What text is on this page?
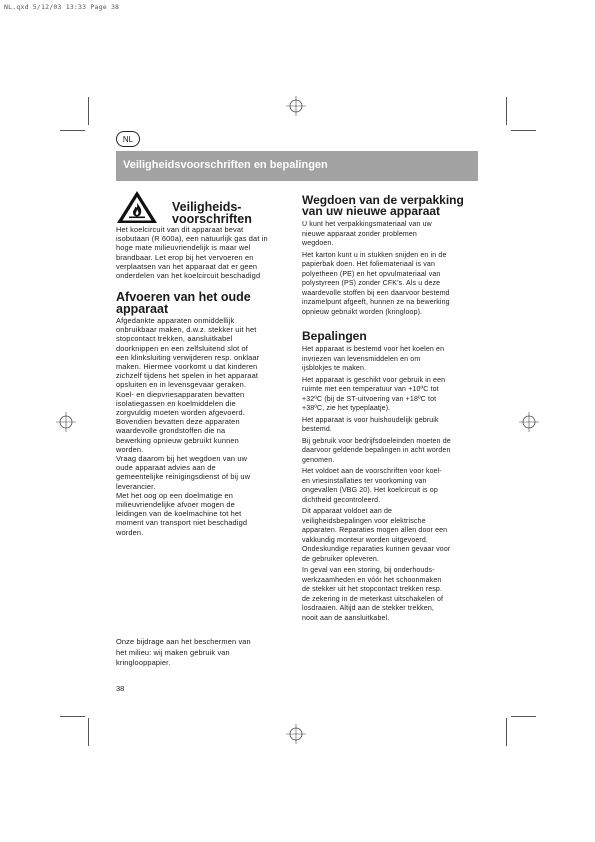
NL.qxd 5/12/03 13:33 Page 38
NL
Veiligheidsvoorschriften en bepalingen
Veiligheids-
voorschriften
Het koelcircuit van dit apparaat bevat
isobutaan (R 600a), een natuurlijk gas dat in
hoge mate milieuvriendelijk is maar wel
brandbaar. Let erop bij het vervoeren en
verplaatsen van het apparaat dat er geen
onderdelen van het koelcircuit beschadigd
Afvoeren van het oude
apparaat
Afgedankte apparaten onmiddellijk
onbruikbaar maken, d.w.z. stekker uit het
stopcontact trekken, aansluitkabel
doorknippen en een zelfsluitend slot of
een klinksluiting verwijderen resp. onklaar
maken. Hiermee voorkomt u dat kinderen
zichzelf tijdens het spelen in het apparaat
opsluiten en in levensgevaar geraken.
Koel- en diepvriesapparaten bevatten
isolatiegassen en koelmiddelen die
zorgvuldig moeten worden afgevoerd.
Bovendien bevatten deze apparaten
waardevolle grondstoffen die na
bewerking opnieuw gebruikt kunnen
worden.
Vraag daarom bij het wegdoen van uw
oude apparaat advies aan de
gemeentelijke reinigingsdienst of bij uw
leverancier.
Met het oog op een doelmatige en
milieuvriendelijke afvoer mogen de
leidingen van de koelmachine tot het
moment van transport niet beschadigd
worden.
Onze bijdrage aan het beschermen van
het milieu: wij maken gebruik van
kringlooppapier.
38
Wegdoen van de verpakking
van uw nieuwe apparaat
U kunt het verpakkingsmateriaal van uw
nieuwe apparaat zonder problemen
wegdoen.
Het karton kunt u in stukken snijden en in de
papierbak doen. Het foliemateriaal is van
polyetheen (PE) en het opvulmateriaal van
polystyreen (PS) zonder CFK's. Als u deze
waardevolle stoffen bij een daarvoor bestemd
inzamelpunt afgeeft, hunnen ze na bewerking
opnieuw gebruikt worden (kringloop).
Bepalingen
Het apparaat is bestemd voor het koelen en
invriezen van levensmiddelen en om
ijsblokjes te maken.
Het apparaat is geschikt voor gebruik in een
ruimte met een temperatuur van +10ºC tot
+32ºC (bij de ST-uitvoering van +18ºC tot
+38ºC, zie het typeplaatje).
Het apparaat is voor huishoudelijk gebruik
bestemd.
Bij gebruik voor bedrijfsdoeleinden moeten de
daarvoor geldende bepalingen in acht worden
genomen.
Het voldoet aan de voorschriften voor koel-
en vriesinstallaties ter voorkoming van
ongevallen (VBG 20). Het koelcircuit is op
dichtheid gecontroleerd.
Dit apparaat voldoet aan de
veiligheidsbepalingen voor elektrische
apparaten. Reparaties mogen allen door een
vakkundig monteur worden uitgevoerd.
Ondeskundige reparaties kunnen gevaar voor
de gebruiker opleveren.
In geval van een storing, bij onderhouds-
werkzaamheden en vóór het schoonmaken
de stekker uit het stopcontact trekken resp.
de zekering in de meterkast uitschakelen of
losdraaien. Altijd aan de stekker trekken,
nooit aan de aansluitkabel.
